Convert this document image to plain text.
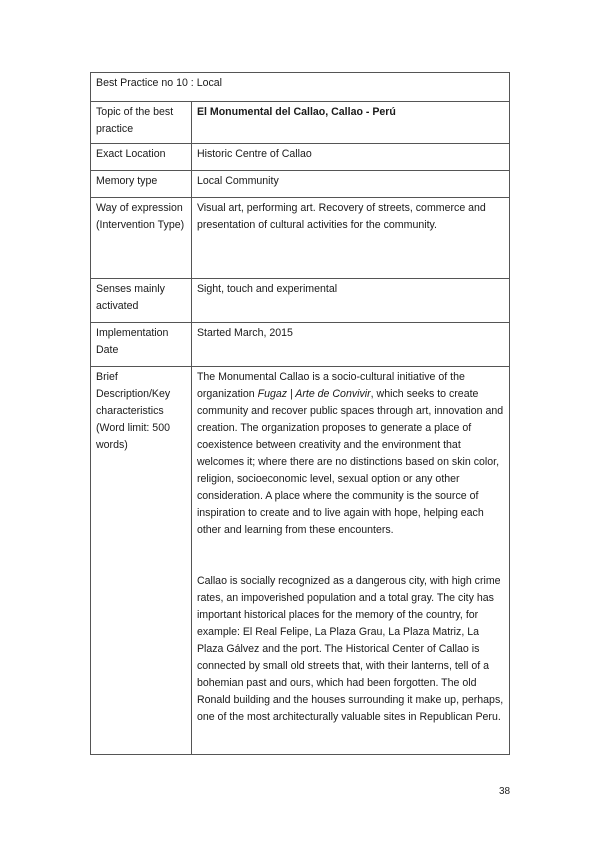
Best Practice no 10 : Local	
Topic of the best practice	El Monumental del Callao, Callao - Perú
Exact Location	Historic Centre of Callao
Memory type	Local Community
Way of expression (Intervention Type)	Visual art, performing art. Recovery of streets, commerce and presentation of cultural activities for the community.
Senses mainly activated	Sight, touch and experimental
Implementation Date	Started March, 2015
Brief Description/Key characteristics (Word limit: 500 words)	The Monumental Callao is a socio-cultural initiative of the organization Fugaz | Arte de Convivir, which seeks to create community and recover public spaces through art, innovation and creation. The organization proposes to generate a place of coexistence between creativity and the environment that welcomes it; where there are no distinctions based on skin color, religion, socioeconomic level, sexual option or any other consideration. A place where the community is the source of inspiration to create and to live again with hope, helping each other and learning from these encounters.

Callao is socially recognized as a dangerous city, with high crime rates, an impoverished population and a total gray. The city has important historical places for the memory of the country, for example: El Real Felipe, La Plaza Grau, La Plaza Matriz, La Plaza Gálvez and the port. The Historical Center of Callao is connected by small old streets that, with their lanterns, tell of a bohemian past and ours, which had been forgotten. The old Ronald building and the houses surrounding it make up, perhaps, one of the most architecturally valuable sites in Republican Peru.

38
